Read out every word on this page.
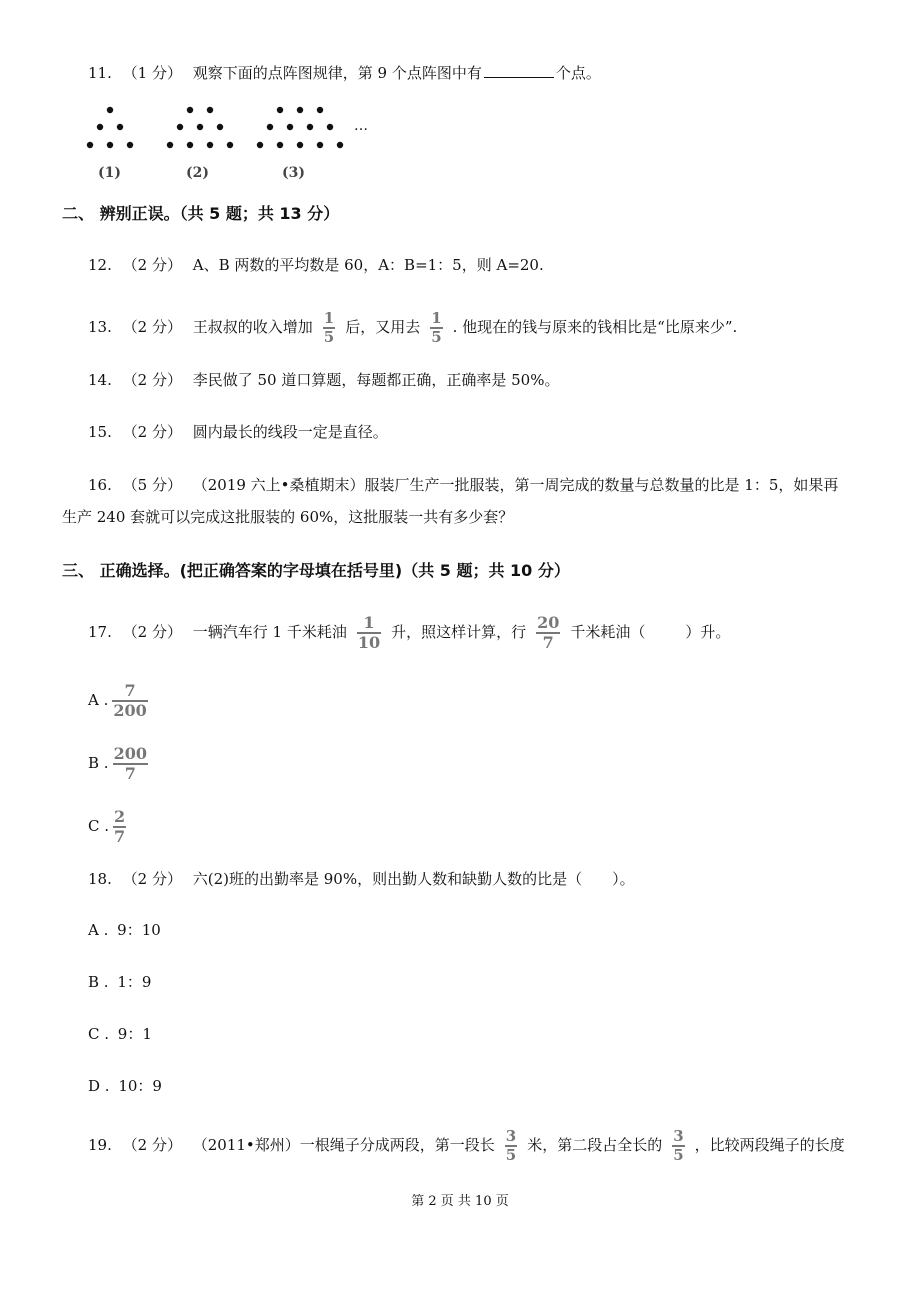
11. （1 分） 观察下面的点阵图规律，第 9 个点阵图中有	个点。
…
(1)	(2)	(3)
二、 辨别正误。（共 5 题；共 13 分）
12. （2 分） A、B 两数的平均数是 60，A：B=1：5，则 A=20.
13. （2 分） 王叔叔的收入增加 $\frac{1}{5}$ 后，又用去 $\frac{1}{5}$ . 他现在的钱与原来的钱相比是“比原来少”.
14. （2 分） 李民做了 50 道口算题，每题都正确，正确率是 50%。
15. （2 分） 圆内最长的线段一定是直径。
16. （5 分） （2019 六上•桑植期末）服装厂生产一批服装，第一周完成的数量与总数量的比是 1：5，如果再
生产 240 套就可以完成这批服装的 60%，这批服装一共有多少套？
三、 正确选择。(把正确答案的字母填在括号里)（共 5 题；共 10 分）
17. （2 分） 一辆汽车行 1 千米耗油 $\frac{1}{10}$ 升，照这样计算，行 $\frac{20}{7}$ 千米耗油（	）升。
A . $\frac{7}{200}$
B . $\frac{200}{7}$
C . $\frac{2}{7}$
18. （2 分） 六(2)班的出勤率是 90%，则出勤人数和缺勤人数的比是（　　）。
A . 9：10
B . 1：9
C . 9：1
D . 10：9
19. （2 分） （2011•郑州）一根绳子分成两段，第一段长 $\frac{3}{5}$ 米，第二段占全长的 $\frac{3}{5}$ ，比较两段绳子的长度
第 2 页 共 10 页
